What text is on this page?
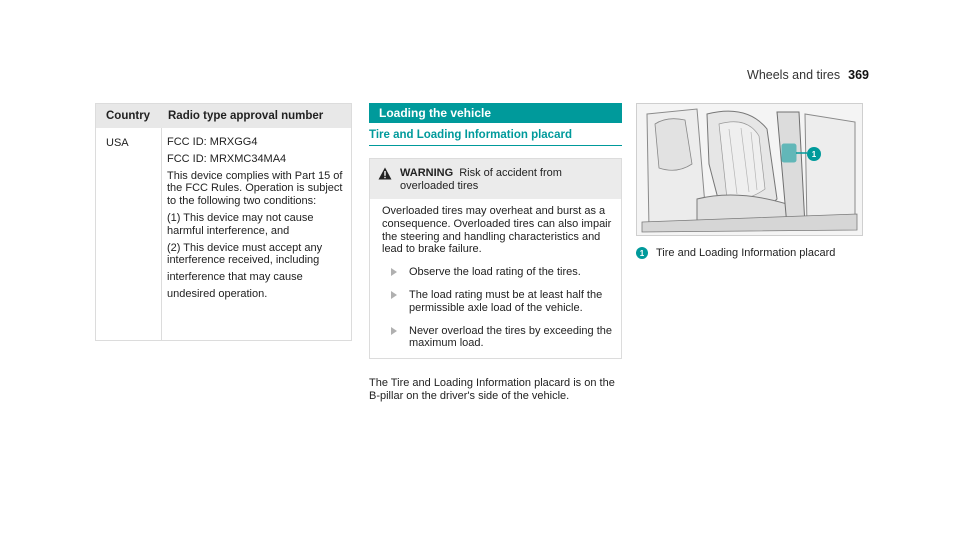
Wheels and tires 369
Country	Radio type approval number
USA	FCC ID: MRXGG4

FCC ID: MRXMC34MA4

This device complies with Part 15 of the FCC Rules. Operation is subject to the following two conditions:

(1) This device may not cause harmful interference, and

(2) This device must accept any interference received, including

interference that may cause

undesired operation.

Loading the vehicle
Tire and Loading Information placard
WARNING Risk of accident from overloaded tires

Overloaded tires may overheat and burst as a consequence. Overloaded tires can also impair the steering and handling characteristics and lead to brake failure.

Observe the load rating of the tires.
The load rating must be at least half the permissible axle load of the vehicle.
Never overload the tires by exceeding the maximum load.
The Tire and Loading Information placard is on the B-pillar on the driver's side of the vehicle.
1
1	Tire and Loading Information placard
